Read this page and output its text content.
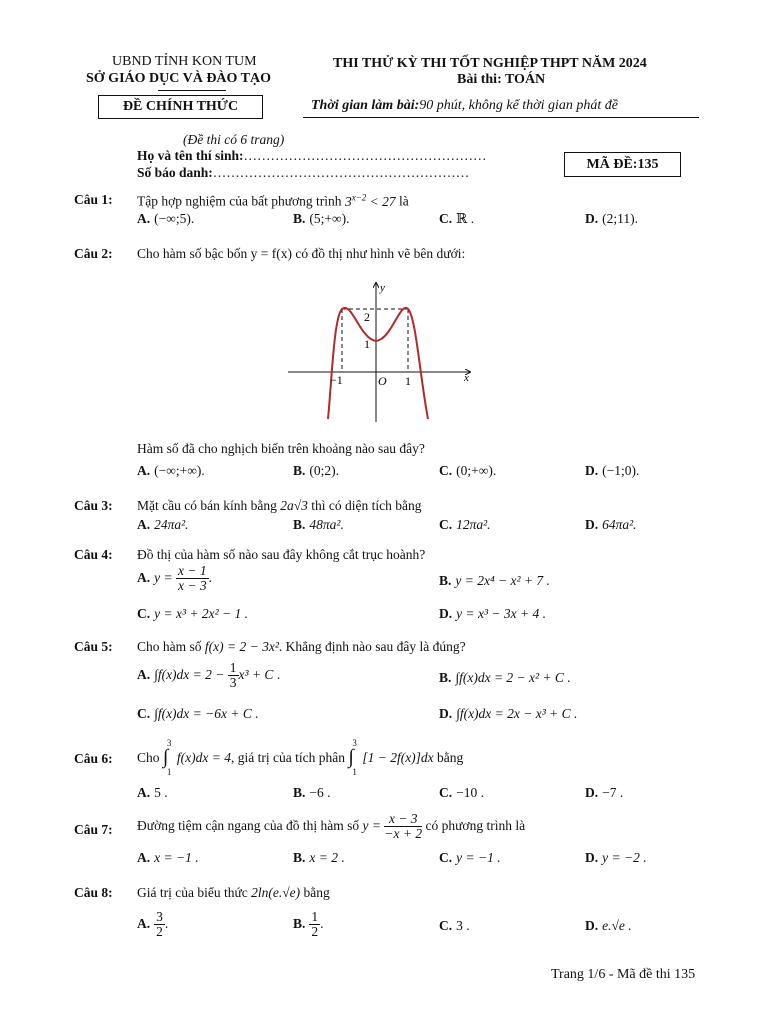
UBND TỈNH KON TUM
SỞ GIÁO DỤC VÀ ĐÀO TẠO
ĐỀ CHÍNH THỨC
THI THỬ KỲ THI TỐT NGHIỆP THPT NĂM 2024
Bài thi: TOÁN
Thời gian làm bài:90 phút, không kể thời gian phát đề
(Đề thi có 6 trang)
Họ và tên thí sinh:………………………………………………
Số báo danh:…………………………………………………
MÃ ĐỀ:135
Câu 1: Tập hợp nghiệm của bất phương trình $3^{x-2} < 27$ là
A. (−∞;5).	B. (5;+∞).	C. ℝ .	D. (2;11).
Câu 2: Cho hàm số bậc bốn y = f(x) có đồ thị như hình vẽ bên dưới:
y
x
O
−1	1
2
1
Hàm số đã cho nghịch biến trên khoảng nào sau đây?
A. (−∞;+∞).	B. (0;2).	C. (0;+∞).	D. (−1;0).
Câu 3: Mặt cầu có bán kính bằng 2a√3 thì có diện tích bằng
A. 24πa².	B. 48πa².	C. 12πa².	D. 64πa².
Câu 4: Đồ thị của hàm số nào sau đây không cắt trục hoành?
A. $y = \frac{x - 1}{x - 3}$ .	B. y = 2x⁴ − x² + 7 .
C. y = x³ + 2x² − 1 .	D. y = x³ − 3x + 4 .
Câu 5: Cho hàm số f(x) = 2 − 3x². Khẳng định nào sau đây là đúng?
A. $\int f(x)dx = 2 - \frac{1}{3} x^3 + C$ .	B. ∫f(x)dx = 2 − x² + C .
C. ∫f(x)dx = −6x + C .	D. ∫f(x)dx = 2x − x³ + C .
Câu 6: Cho
3
∫
1
f(x)dx = 4, giá trị của tích phân
3
∫
1
[1 − 2f(x)]dx bằng
A. 5 .	B. −6 .	C. −10 .	D. −7 .
Câu 7: Đường tiệm cận ngang của đồ thị hàm số $y = \frac{x - 3}{-x + 2}$ có phương trình là
A. x = −1 .	B. x = 2 .	C. y = −1 .	D. y = −2 .
Câu 8: Giá trị của biểu thức 2ln(e.√e) bằng
A. $\frac{3}{2}$ .	B. $\frac{1}{2}$ .	C. 3 .	D. e.√e .
Trang 1/6 - Mã đề thi 135
